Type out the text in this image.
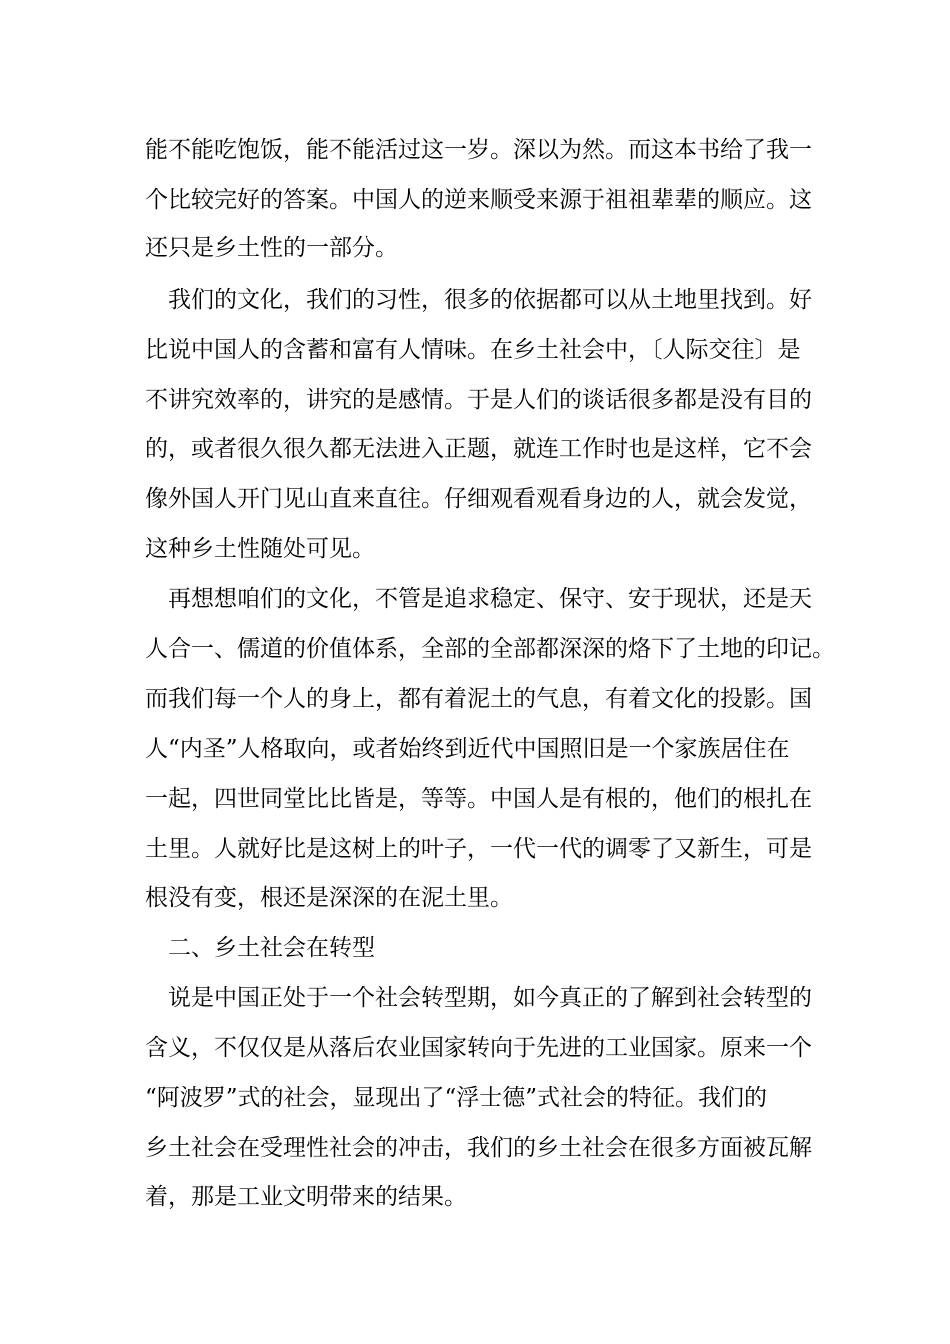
能不能吃饱饭，能不能活过这一岁。深以为然。而这本书给了我一
个比较完好的答案。中国人的逆来顺受来源于祖祖辈辈的顺应。这
还只是乡土性的一部分。
我们的文化，我们的习性，很多的依据都可以从土地里找到。好
比说中国人的含蓄和富有人情味。在乡土社会中，〔人际交往〕是
不讲究效率的，讲究的是感情。于是人们的谈话很多都是没有目的
的，或者很久很久都无法进入正题，就连工作时也是这样，它不会
像外国人开门见山直来直往。仔细观看观看身边的人，就会发觉，
这种乡土性随处可见。
再想想咱们的文化，不管是追求稳定、保守、安于现状，还是天
人合一、儒道的价值体系，全部的全部都深深的烙下了土地的印记。
而我们每一个人的身上，都有着泥土的气息，有着文化的投影。国
人“内圣”人格取向，或者始终到近代中国照旧是一个家族居住在
一起，四世同堂比比皆是，等等。中国人是有根的，他们的根扎在
土里。人就好比是这树上的叶子，一代一代的调零了又新生，可是
根没有变，根还是深深的在泥土里。
二、乡土社会在转型
说是中国正处于一个社会转型期，如今真正的了解到社会转型的
含义，不仅仅是从落后农业国家转向于先进的工业国家。原来一个
“阿波罗”式的社会，显现出了“浮士德”式社会的特征。我们的
乡土社会在受理性社会的冲击，我们的乡土社会在很多方面被瓦解
着，那是工业文明带来的结果。
